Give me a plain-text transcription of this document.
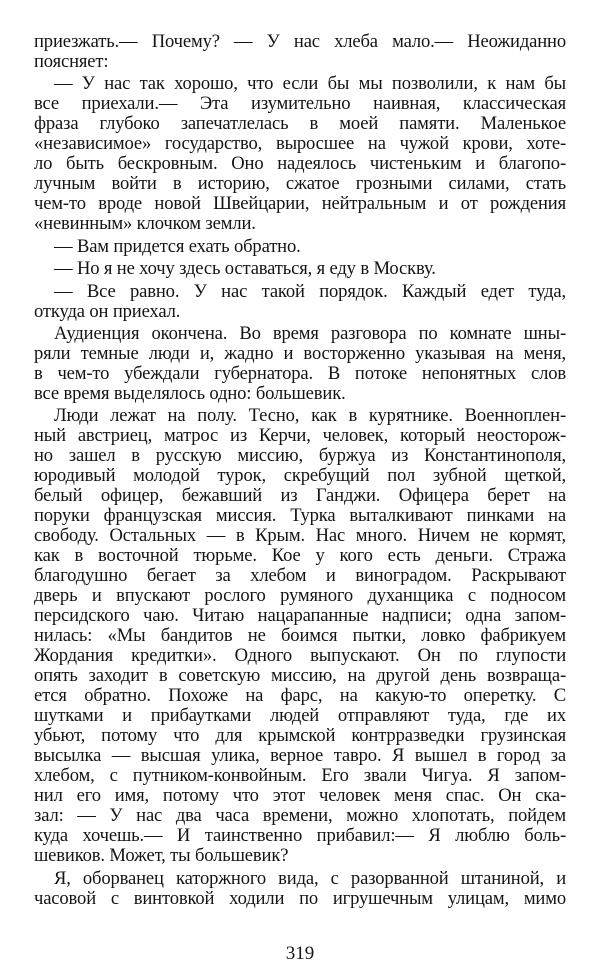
приезжать.— Почему? — У нас хлеба мало.— Неожиданно
поясняет:
— У нас так хорошо, что если бы мы позволили, к нам бы
все приехали.— Эта изумительно наивная, классическая
фраза глубоко запечатлелась в моей памяти. Маленькое
«независимое» государство, выросшее на чужой крови, хоте-
ло быть бескровным. Оно надеялось чистеньким и благопо-
лучным войти в историю, сжатое грозными силами, стать
чем-то вроде новой Швейцарии, нейтральным и от рождения
«невинным» клочком земли.
— Вам придется ехать обратно.
— Но я не хочу здесь оставаться, я еду в Москву.
— Все равно. У нас такой порядок. Каждый едет туда,
откуда он приехал.
Аудиенция окончена. Во время разговора по комнате шны-
ряли темные люди и, жадно и восторженно указывая на меня,
в чем-то убеждали губернатора. В потоке непонятных слов
все время выделялось одно: большевик.
Люди лежат на полу. Тесно, как в курятнике. Военноплен-
ный австриец, матрос из Керчи, человек, который неосторож-
но зашел в русскую миссию, буржуа из Константинополя,
юродивый молодой турок, скребущий пол зубной щеткой,
белый офицер, бежавший из Ганджи. Офицера берет на
поруки французская миссия. Турка выталкивают пинками на
свободу. Остальных — в Крым. Нас много. Ничем не кормят,
как в восточной тюрьме. Кое у кого есть деньги. Стража
благодушно бегает за хлебом и виноградом. Раскрывают
дверь и впускают рослого румяного духанщика с подносом
персидского чаю. Читаю нацарапанные надписи; одна запом-
нилась: «Мы бандитов не боимся пытки, ловко фабрикуем
Жордания кредитки». Одного выпускают. Он по глупости
опять заходит в советскую миссию, на другой день возвраща-
ется обратно. Похоже на фарс, на какую-то оперетку. С
шутками и прибаутками людей отправляют туда, где их
убьют, потому что для крымской контрразведки грузинская
высылка — высшая улика, верное тавро. Я вышел в город за
хлебом, с путником-конвойным. Его звали Чигуа. Я запом-
нил его имя, потому что этот человек меня спас. Он ска-
зал: — У нас два часа времени, можно хлопотать, пойдем
куда хочешь.— И таинственно прибавил:— Я люблю боль-
шевиков. Может, ты большевик?
Я, оборванец каторжного вида, с разорванной штаниной, и
часовой с винтовкой ходили по игрушечным улицам, мимо
319
